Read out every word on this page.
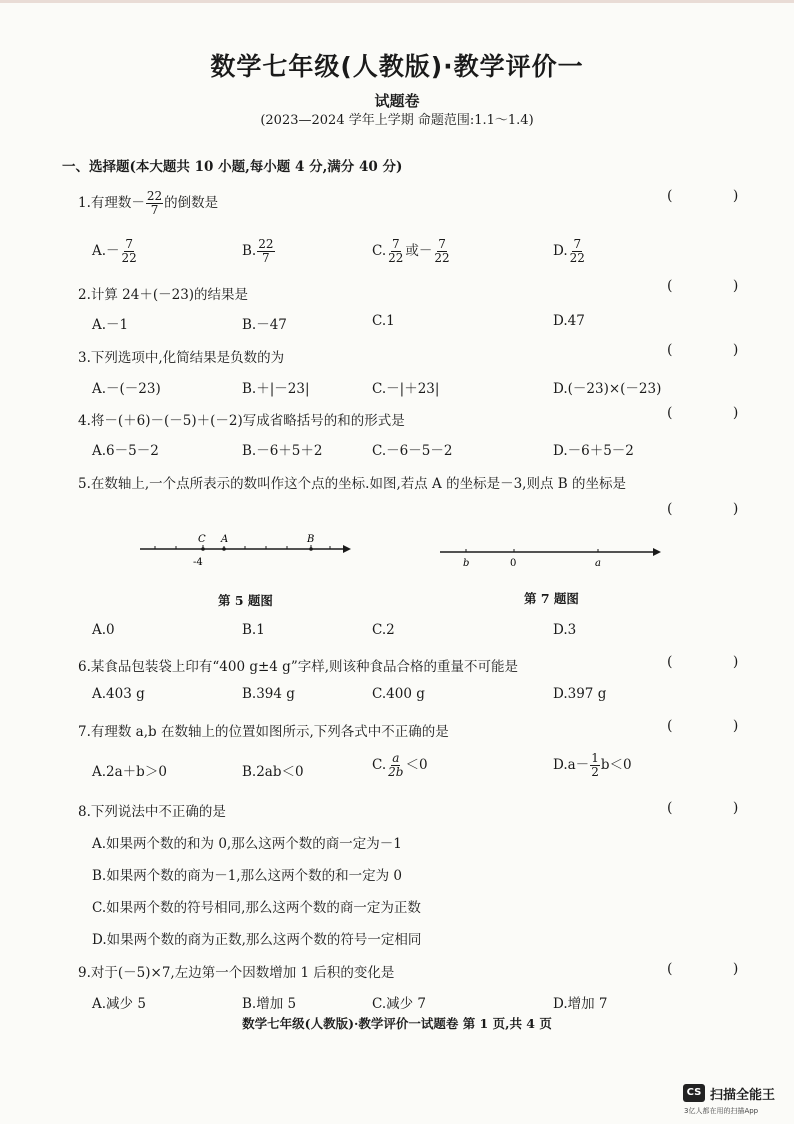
数学七年级(人教版)·教学评价一
试题卷
(2023—2024 学年上学期 命题范围:1.1～1.4)
一、选择题(本大题共 10 小题,每小题 4 分,满分 40 分)
1.有理数－ $\frac{22}{7}$ 的倒数是	( )
$A.- \frac{7}{22}$	B. $\frac{22}{7}$	C. $\frac{7}{22}$ 或－ $\frac{7}{22}$	D. $\frac{7}{22}$
2.计算 24＋(－23)的结果是
( )
A.－1	B.－47	C.1	D.47
3.下列选项中,化简结果是负数的为	( )
A.－(－23)	B.＋|－23|	C.－|＋23|	D.(－23)×(－23)
4.将－(＋6)－(－5)＋(－2)写成省略括号的和的形式是	( )
A.6－5－2	B.－6＋5＋2	C.－6－5－2	D.－6＋5－2
5.在数轴上,一个点所表示的数叫作这个点的坐标.如图,若点 A 的坐标是－3,则点 B 的坐标是
( )
C A	B
-4
第 5 题图
b	0	a
第 7 题图
A.0	B.1	C.2	D.3
6.某食品包装袋上印有“400 g±4 g”字样,则该种食品合格的重量不可能是	( )
A.403 g	B.394 g	C.400 g	D.397 g
7.有理数 a,b 在数轴上的位置如图所示,下列各式中不正确的是	( )
A.2a＋b＞0	B.2ab＜0	C. $\frac{a}{2b} <0$	$D.a- \frac{1}{2} b<0$
8.下列说法中不正确的是	( )
A.如果两个数的和为 0,那么这两个数的商一定为－1
B.如果两个数的商为－1,那么这两个数的和一定为 0
C.如果两个数的符号相同,那么这两个数的商一定为正数
D.如果两个数的商为正数,那么这两个数的符号一定相同
9.对于(－5)×7,左边第一个因数增加 1 后积的变化是	( )
A.减少 5	B.增加 5	C.减少 7	D.增加 7
数学七年级(人教版)·教学评价一试题卷 第 1 页,共 4 页
CS 扫描全能王
3亿人都在用的扫描App
